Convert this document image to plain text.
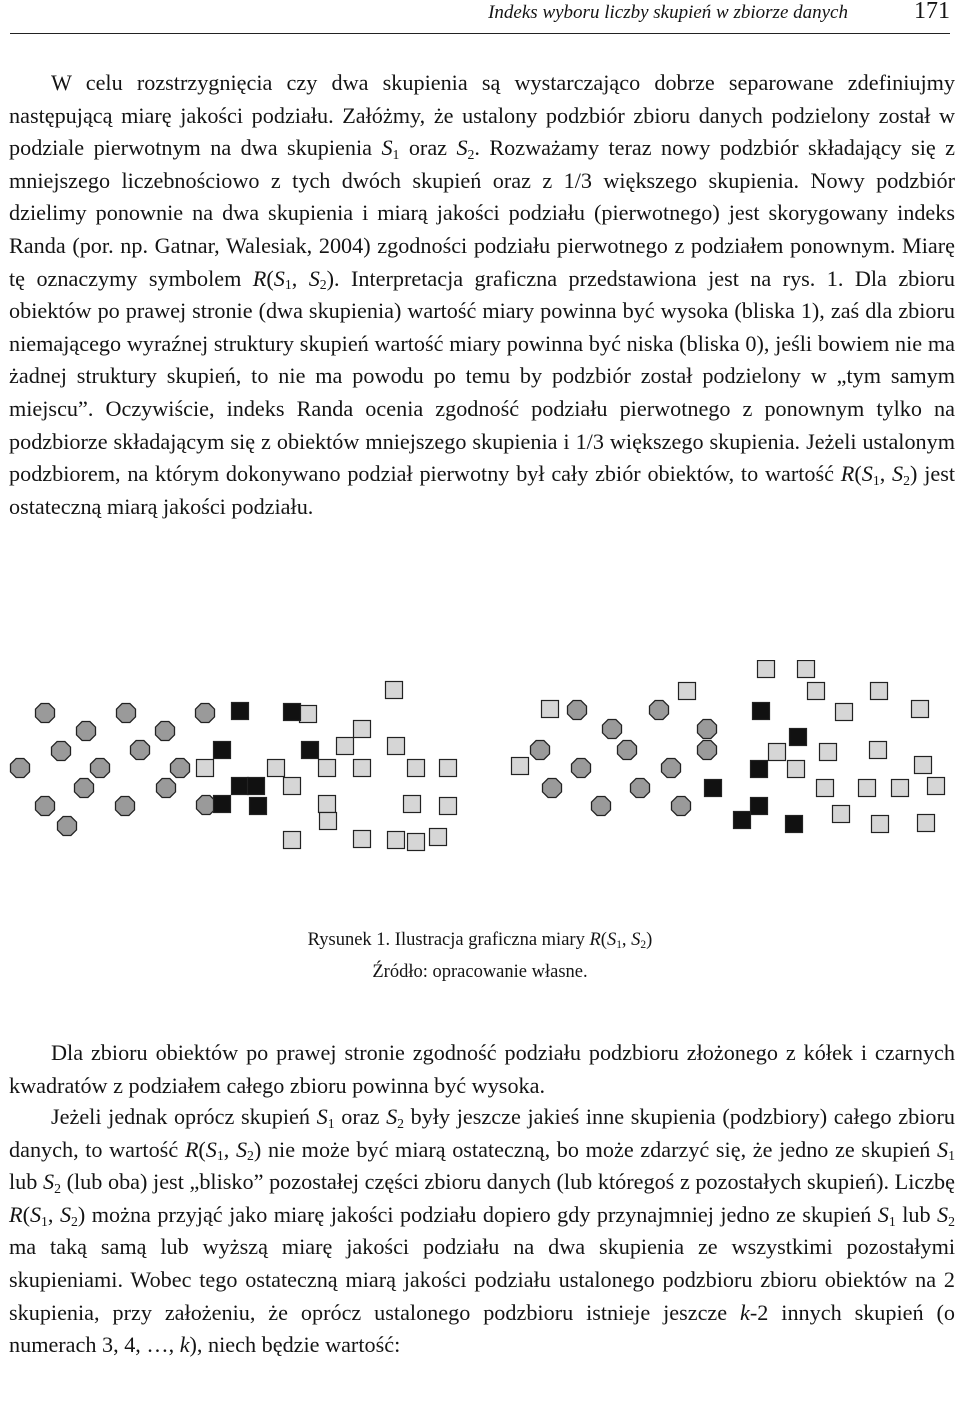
Indeks wyboru liczby skupień w zbiorze danych	171

W celu rozstrzygnięcia czy dwa skupienia są wystarczająco dobrze separowane zdefiniujmy następującą miarę jakości podziału. Załóżmy, że ustalony podzbiór zbioru danych podzielony został w podziale pierwotnym na dwa skupienia $S_1$ oraz $S_2$. Rozważamy teraz nowy podzbiór składający się z mniejszego liczebnościowo z tych dwóch skupień oraz z 1/3 większego skupienia. Nowy podzbiór dzielimy ponownie na dwa skupienia i miarą jakości podziału (pierwotnego) jest skorygowany indeks Randa (por. np. Gatnar, Walesiak, 2004) zgodności podziału pierwotnego z podziałem ponownym. Miarę tę oznaczymy symbolem $R(S_1$, $S_2$). Interpretacja graficzna przedstawiona jest na rys. 1. Dla zbioru obiektów po prawej stronie (dwa skupienia) wartość miary powinna być wysoka (bliska 1), zaś dla zbioru niemającego wyraźnej struktury skupień wartość miary powinna być niska (bliska 0), jeśli bowiem nie ma żadnej struktury skupień, to nie ma powodu po temu by podzbiór został podzielony w „tym samym miejscu”. Oczywiście, indeks Randa ocenia zgodność podziału pierwotnego z ponownym tylko na podzbiorze składającym się z obiektów mniejszego skupienia i 1/3 większego skupienia. Jeżeli ustalonym podzbiorem, na którym dokonywano podział pierwotny był cały zbiór obiektów, to wartość $R(S_1$, $S_2$) jest ostateczną miarą jakości podziału.

Rysunek 1. Ilustracja graficzna miary $R(S_1$, $S_2$)

Źródło: opracowanie własne.

Dla zbioru obiektów po prawej stronie zgodność podziału podzbioru złożonego z kółek i czarnych kwadratów z podziałem całego zbioru powinna być wysoka.

Jeżeli jednak oprócz skupień $S_1$ oraz $S_2$ były jeszcze jakieś inne skupienia (podzbiory) całego zbioru danych, to wartość $R(S_1$, $S_2$) nie może być miarą ostateczną, bo może zdarzyć się, że jedno ze skupień $S_1$ lub $S_2$ (lub oba) jest „blisko” pozostałej części zbioru danych (lub któregoś z pozostałych skupień). Liczbę $R(S_1$, $S_2$) można przyjąć jako miarę jakości podziału dopiero gdy przynajmniej jedno ze skupień $S_1$ lub $S_2$ ma taką samą lub wyższą miarę jakości podziału na dwa skupienia ze wszystkimi pozostałymi skupieniami. Wobec tego ostateczną miarą jakości podziału ustalonego podzbioru zbioru obiektów na 2 skupienia, przy założeniu, że oprócz ustalonego podzbioru istnieje jeszcze k-2 innych skupień (o numerach 3, 4, …, k), niech będzie wartość:
